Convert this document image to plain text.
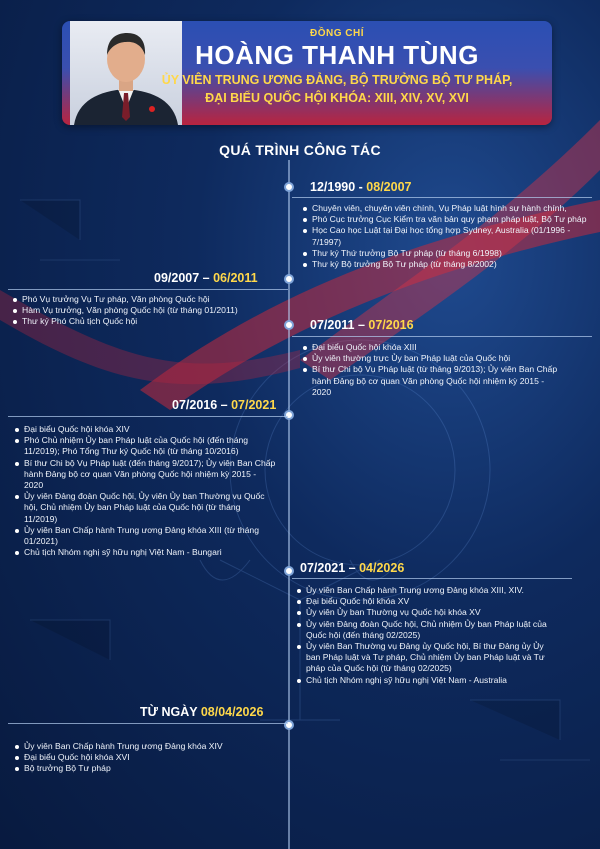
ĐỒNG CHÍ
HOÀNG THANH TÙNG
ỦY VIÊN TRUNG ƯƠNG ĐẢNG, BỘ TRƯỞNG BỘ TƯ PHÁP,
ĐẠI BIỂU QUỐC HỘI KHÓA: XIII, XIV, XV, XVI
QUÁ TRÌNH CÔNG TÁC
12/1990 - 08/2007
Chuyên viên, chuyên viên chính, Vụ Pháp luật hình sự hành chính,
Phó Cục trưởng Cục Kiểm tra văn bản quy phạm pháp luật, Bộ Tư pháp
Học Cao học Luật tại Đại học tổng hợp Sydney, Australia (01/1996 - 7/1997)
Thư ký Thứ trưởng Bộ Tư pháp (từ tháng 6/1998)
Thư ký Bộ trưởng Bộ Tư pháp (từ tháng 8/2002)
09/2007 – 06/2011
Phó Vụ trưởng Vụ Tư pháp, Văn phòng Quốc hội
Hàm Vụ trưởng, Văn phòng Quốc hội (từ tháng 01/2011)
Thư ký Phó Chủ tịch Quốc hội	07/2011 – 07/2016
Đại biểu Quốc hội khóa XIII
Ủy viên thường trực Ủy ban Pháp luật của Quốc hội
Bí thư Chi bộ Vụ Pháp luật (từ tháng 9/2013); Ủy viên Ban Chấp hành Đảng bộ cơ quan Văn phòng Quốc hội nhiệm kỳ 2015 - 2020
07/2016 – 07/2021
Đại biểu Quốc hội khóa XIV
Phó Chủ nhiệm Ủy ban Pháp luật của Quốc hội (đến tháng 11/2019); Phó Tổng Thư ký Quốc hội (từ tháng 10/2016)
Bí thư Chi bộ Vụ Pháp luật (đến tháng 9/2017); Ủy viên Ban Chấp hành Đảng bộ cơ quan Văn phòng Quốc hội nhiệm kỳ 2015 - 2020
Ủy viên Đảng đoàn Quốc hội, Ủy viên Ủy ban Thường vụ Quốc hội, Chủ nhiệm Ủy ban Pháp luật của Quốc hội (từ tháng 11/2019)
Ủy viên Ban Chấp hành Trung ương Đảng khóa XIII (từ tháng 01/2021)
Chủ tịch Nhóm nghị sỹ hữu nghị Việt Nam - Bungari
07/2021 – 04/2026
Ủy viên Ban Chấp hành Trung ương Đảng khóa XIII, XIV.
Đại biểu Quốc hội khóa XV
Ủy viên Ủy ban Thường vụ Quốc hội khóa XV
Ủy viên Đảng đoàn Quốc hội, Chủ nhiệm Ủy ban Pháp luật của Quốc hội (đến tháng 02/2025)
Ủy viên Ban Thường vụ Đảng ủy Quốc hội, Bí thư Đảng ủy Ủy ban Pháp luật và Tư pháp, Chủ nhiệm Ủy ban Pháp luật và Tư pháp của Quốc hội (từ tháng 02/2025)
Chủ tịch Nhóm nghị sỹ hữu nghị Việt Nam - Australia
TỪ NGÀY 08/04/2026
Ủy viên Ban Chấp hành Trung ương Đảng khóa XIV
Đại biểu Quốc hội khóa XVI
Bộ trưởng Bộ Tư pháp
